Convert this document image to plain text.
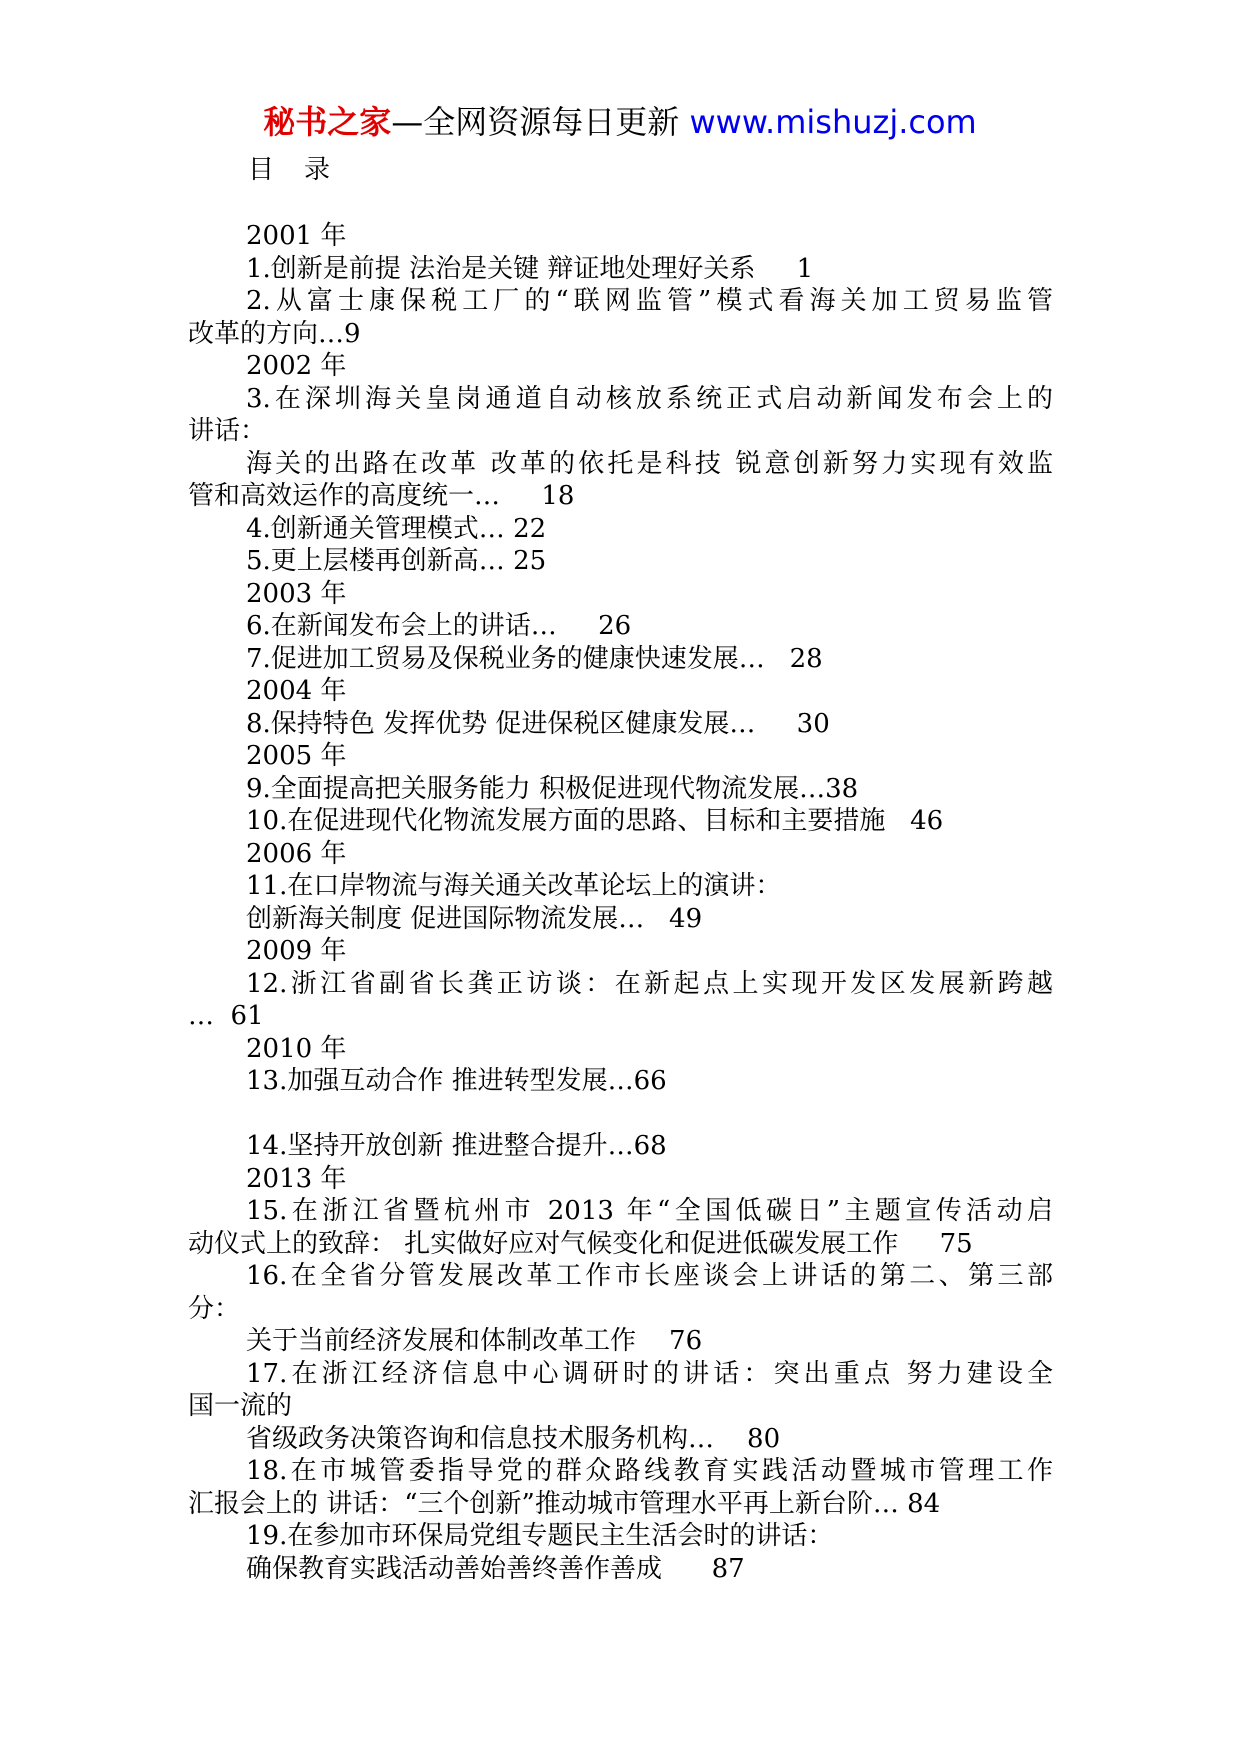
秘书之家—全网资源每日更新 www.mishuzj.com
目录
2001 年
1.创新是前提 法治是关键 辩证地处理好关系     1
2.从富士康保税工厂的“联网监管”模式看海关加工贸易监管
改革的方向…9
2002 年
3.在深圳海关皇岗通道自动核放系统正式启动新闻发布会上的
讲话：
海关的出路在改革 改革的依托是科技 锐意创新努力实现有效监
管和高效运作的高度统一…     18
4.创新通关管理模式… 22
5.更上层楼再创新高… 25
2003 年
6.在新闻发布会上的讲话…     26
7.促进加工贸易及保税业务的健康快速发展…   28
2004 年
8.保持特色 发挥优势 促进保税区健康发展…     30
2005 年
9.全面提高把关服务能力 积极促进现代物流发展…38
10.在促进现代化物流发展方面的思路、目标和主要措施   46
2006 年
11.在口岸物流与海关通关改革论坛上的演讲：
创新海关制度 促进国际物流发展…   49
2009 年
12.浙江省副省长龚正访谈：在新起点上实现开发区发展新跨越
…  61
2010 年
13.加强互动合作 推进转型发展…66
14.坚持开放创新 推进整合提升…68
2013 年
15.在浙江省暨杭州市 2013 年“全国低碳日”主题宣传活动启
动仪式上的致辞： 扎实做好应对气候变化和促进低碳发展工作     75
16.在全省分管发展改革工作市长座谈会上讲话的第二、第三部
分：
关于当前经济发展和体制改革工作    76
17.在浙江经济信息中心调研时的讲话：突出重点 努力建设全
国一流的
省级政务决策咨询和信息技术服务机构…    80
18.在市城管委指导党的群众路线教育实践活动暨城市管理工作
汇报会上的 讲话：“三个创新”推动城市管理水平再上新台阶… 84
19.在参加市环保局党组专题民主生活会时的讲话：
确保教育实践活动善始善终善作善成      87
